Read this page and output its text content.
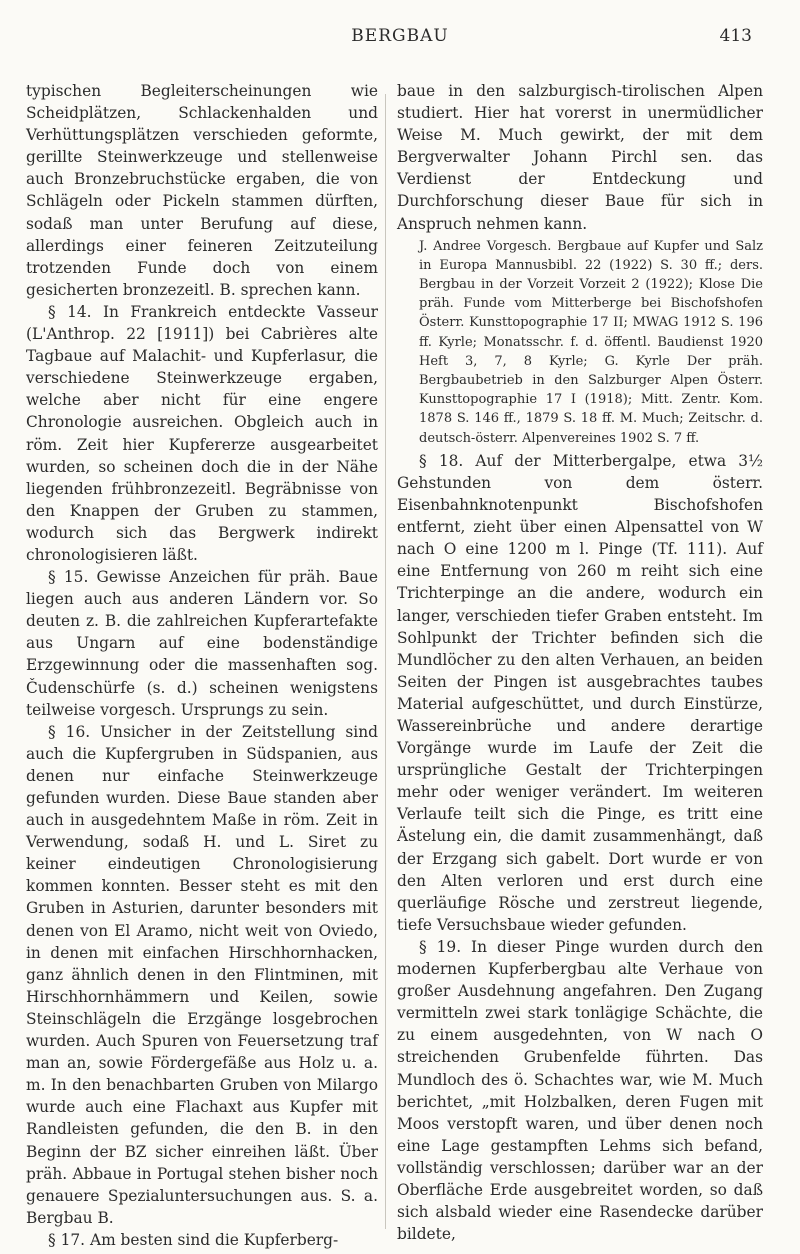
BERGBAU	413

typischen Begleiterscheinungen wie Scheidplätzen, Schlackenhalden und Verhüttungsplätzen verschieden geformte, gerillte Steinwerkzeuge und stellenweise auch Bronzebruchstücke ergaben, die von Schlägeln oder Pickeln stammen dürften, sodaß man unter Berufung auf diese, allerdings einer feineren Zeitzuteilung trotzenden Funde doch von einem gesicherten bronzezeitl. B. sprechen kann.

§ 14. In Frankreich entdeckte Vasseur (L'Anthrop. 22 [1911]) bei Cabrières alte Tagbaue auf Malachit- und Kupferlasur, die verschiedene Steinwerkzeuge ergaben, welche aber nicht für eine engere Chronologie ausreichen. Obgleich auch in röm. Zeit hier Kupfererze ausgearbeitet wurden, so scheinen doch die in der Nähe liegenden frühbronzezeitl. Begräbnisse von den Knappen der Gruben zu stammen, wodurch sich das Bergwerk indirekt chronologisieren läßt.

§ 15. Gewisse Anzeichen für präh. Baue liegen auch aus anderen Ländern vor. So deuten z. B. die zahlreichen Kupferartefakte aus Ungarn auf eine bodenständige Erzgewinnung oder die massenhaften sog. Čudenschürfe (s. d.) scheinen wenigstens teilweise vorgesch. Ursprungs zu sein.

§ 16. Unsicher in der Zeitstellung sind auch die Kupfergruben in Südspanien, aus denen nur einfache Steinwerkzeuge gefunden wurden. Diese Baue standen aber auch in ausgedehntem Maße in röm. Zeit in Verwendung, sodaß H. und L. Siret zu keiner eindeutigen Chronologisierung kommen konnten. Besser steht es mit den Gruben in Asturien, darunter besonders mit denen von El Aramo, nicht weit von Oviedo, in denen mit einfachen Hirschhornhacken, ganz ähnlich denen in den Flintminen, mit Hirschhornhämmern und Keilen, sowie Steinschlägeln die Erzgänge losgebrochen wurden. Auch Spuren von Feuersetzung traf man an, sowie Fördergefäße aus Holz u. a. m. In den benachbarten Gruben von Milargo wurde auch eine Flachaxt aus Kupfer mit Randleisten gefunden, die den B. in den Beginn der BZ sicher einreihen läßt. Über präh. Abbaue in Portugal stehen bisher noch genauere Spezialuntersuchungen aus. S. a. Bergbau B.

§ 17. Am besten sind die Kupferberg-

baue in den salzburgisch-tirolischen Alpen studiert. Hier hat vorerst in unermüdlicher Weise M. Much gewirkt, der mit dem Bergverwalter Johann Pirchl sen. das Verdienst der Entdeckung und Durchforschung dieser Baue für sich in Anspruch nehmen kann.

J. Andree Vorgesch. Bergbaue auf Kupfer und Salz in Europa Mannusbibl. 22 (1922) S. 30 ff.; ders. Bergbau in der Vorzeit Vorzeit 2 (1922); Klose Die präh. Funde vom Mitterberge bei Bischofshofen Österr. Kunsttopographie 17 II; MWAG 1912 S. 196 ff. Kyrle; Monatsschr. f. d. öffentl. Baudienst 1920 Heft 3, 7, 8 Kyrle; G. Kyrle Der präh. Bergbaubetrieb in den Salzburger Alpen Österr. Kunsttopographie 17 I (1918); Mitt. Zentr. Kom. 1878 S. 146 ff., 1879 S. 18 ff. M. Much; Zeitschr. d. deutsch-österr. Alpenvereines 1902 S. 7 ff.

§ 18. Auf der Mitterbergalpe, etwa 3½ Gehstunden von dem österr. Eisenbahnknotenpunkt Bischofshofen entfernt, zieht über einen Alpensattel von W nach O eine 1200 m l. Pinge (Tf. 111). Auf eine Entfernung von 260 m reiht sich eine Trichterpinge an die andere, wodurch ein langer, verschieden tiefer Graben entsteht. Im Sohlpunkt der Trichter befinden sich die Mundlöcher zu den alten Verhauen, an beiden Seiten der Pingen ist ausgebrachtes taubes Material aufgeschüttet, und durch Einstürze, Wassereinbrüche und andere derartige Vorgänge wurde im Laufe der Zeit die ursprüngliche Gestalt der Trichterpingen mehr oder weniger verändert. Im weiteren Verlaufe teilt sich die Pinge, es tritt eine Ästelung ein, die damit zusammenhängt, daß der Erzgang sich gabelt. Dort wurde er von den Alten verloren und erst durch eine querläufige Rösche und zerstreut liegende, tiefe Versuchsbaue wieder gefunden.

§ 19. In dieser Pinge wurden durch den modernen Kupferbergbau alte Verhaue von großer Ausdehnung angefahren. Den Zugang vermitteln zwei stark tonlägige Schächte, die zu einem ausgedehnten, von W nach O streichenden Grubenfelde führten. Das Mundloch des ö. Schachtes war, wie M. Much berichtet, „mit Holzbalken, deren Fugen mit Moos verstopft waren, und über denen noch eine Lage gestampften Lehms sich befand, vollständig verschlossen; darüber war an der Oberfläche Erde ausgebreitet worden, so daß sich alsbald wieder eine Rasendecke darüber bildete,
